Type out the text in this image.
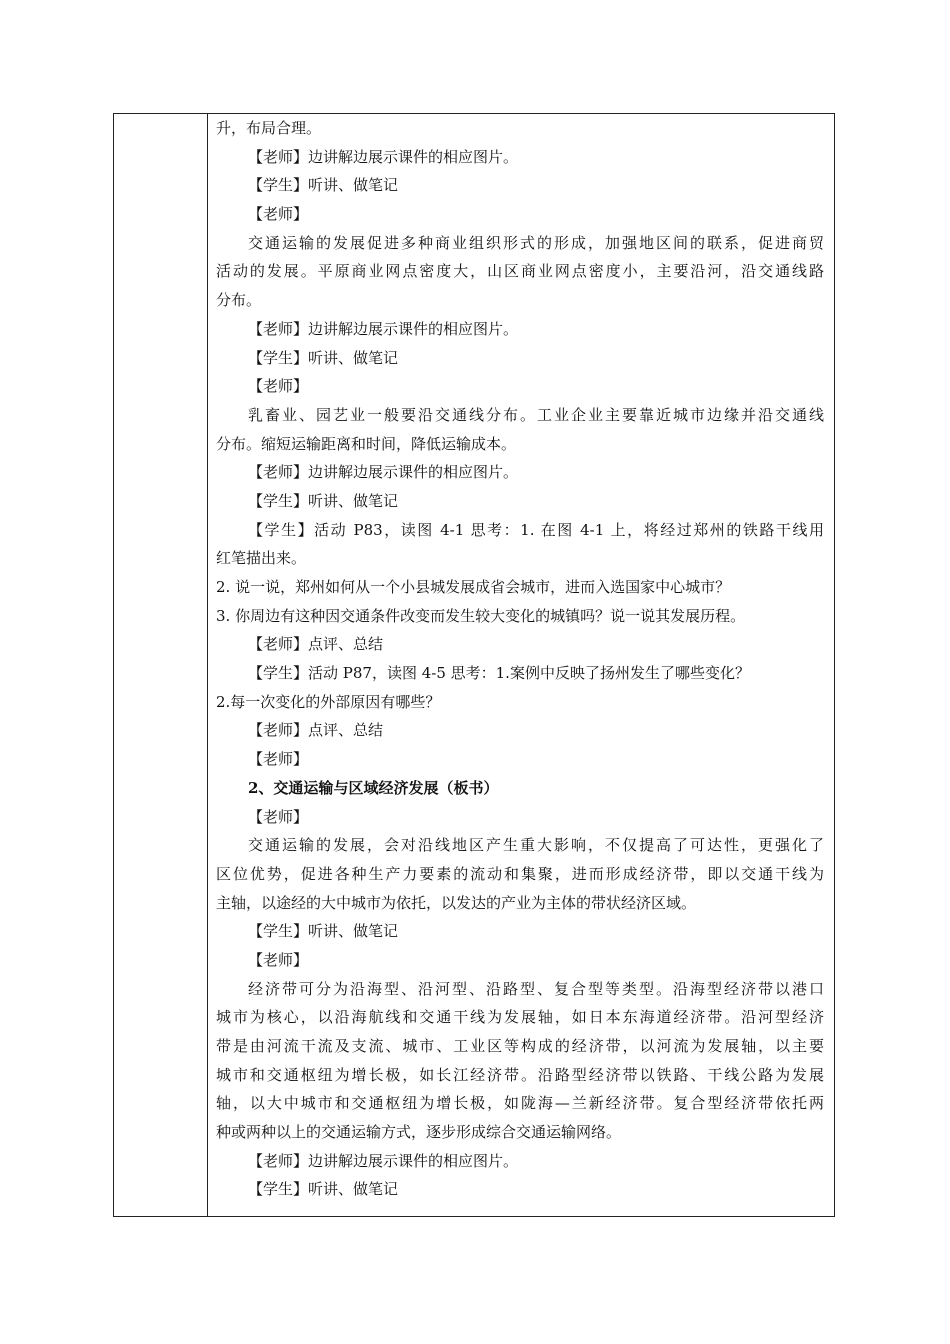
升，布局合理。

【老师】边讲解边展示课件的相应图片。

【学生】听讲、做笔记

【老师】

交通运输的发展促进多种商业组织形式的形成，加强地区间的联系，促进商贸

活动的发展。平原商业网点密度大，山区商业网点密度小，主要沿河，沿交通线路

分布。

【老师】边讲解边展示课件的相应图片。

【学生】听讲、做笔记

【老师】

乳畜业、园艺业一般要沿交通线分布。工业企业主要靠近城市边缘并沿交通线

分布。缩短运输距离和时间，降低运输成本。

【老师】边讲解边展示课件的相应图片。

【学生】听讲、做笔记

【学生】活动 P83，读图 4-1 思考：1. 在图 4-1 上，将经过郑州的铁路干线用

红笔描出来。

2. 说一说，郑州如何从一个小县城发展成省会城市，进而入选国家中心城市？

3. 你周边有这种因交通条件改变而发生较大变化的城镇吗？说一说其发展历程。

【老师】点评、总结

【学生】活动 P87，读图 4-5 思考：1.案例中反映了扬州发生了哪些变化？

2.每一次变化的外部原因有哪些？

【老师】点评、总结

【老师】

2、交通运输与区域经济发展（板书）

【老师】

交通运输的发展，会对沿线地区产生重大影响，不仅提高了可达性，更强化了

区位优势，促进各种生产力要素的流动和集聚，进而形成经济带，即以交通干线为

主轴，以途经的大中城市为依托，以发达的产业为主体的带状经济区域。

【学生】听讲、做笔记

【老师】

经济带可分为沿海型、沿河型、沿路型、复合型等类型。沿海型经济带以港口

城市为核心，以沿海航线和交通干线为发展轴，如日本东海道经济带。沿河型经济

带是由河流干流及支流、城市、工业区等构成的经济带，以河流为发展轴，以主要

城市和交通枢纽为增长极，如长江经济带。沿路型经济带以铁路、干线公路为发展

轴，以大中城市和交通枢纽为增长极，如陇海—兰新经济带。复合型经济带依托两

种或两种以上的交通运输方式，逐步形成综合交通运输网络。

【老师】边讲解边展示课件的相应图片。

【学生】听讲、做笔记
